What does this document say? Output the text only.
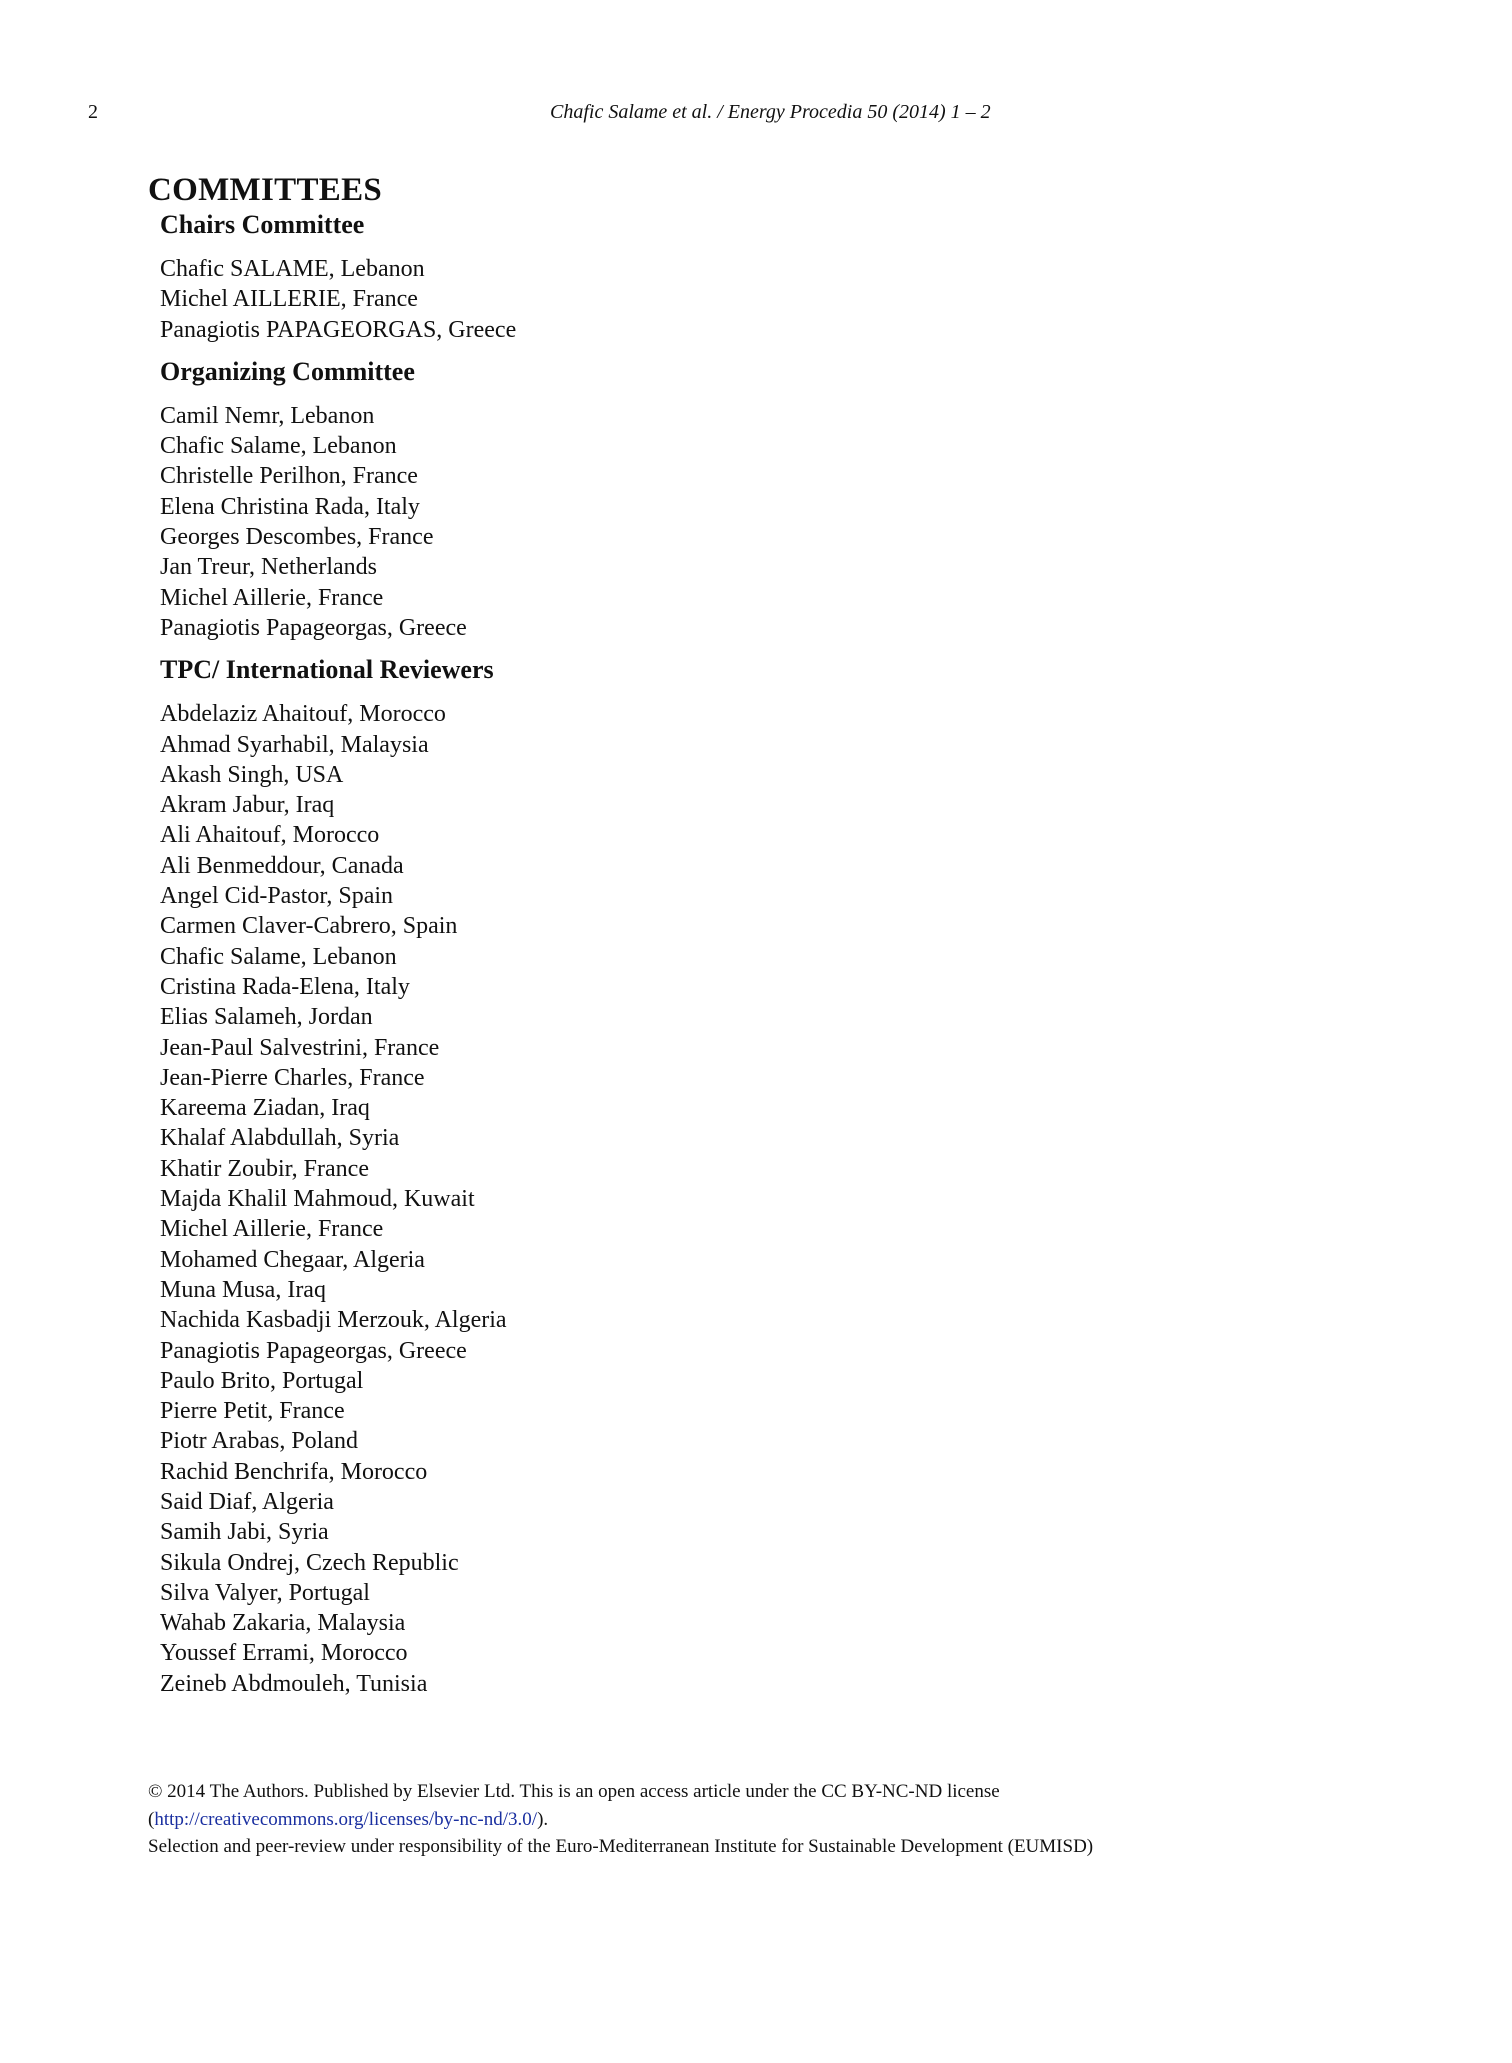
2	Chafic Salame et al. / Energy Procedia 50 (2014) 1 – 2
COMMITTEES
Chairs Committee
Chafic SALAME, Lebanon
Michel AILLERIE, France
Panagiotis PAPAGEORGAS, Greece
Organizing Committee
Camil Nemr, Lebanon
Chafic Salame, Lebanon
Christelle Perilhon, France
Elena Christina Rada, Italy
Georges Descombes, France
Jan Treur, Netherlands
Michel Aillerie, France
Panagiotis Papageorgas, Greece
TPC/ International Reviewers
Abdelaziz Ahaitouf, Morocco
Ahmad Syarhabil, Malaysia
Akash Singh, USA
Akram Jabur, Iraq
Ali Ahaitouf, Morocco
Ali Benmeddour, Canada
Angel Cid-Pastor, Spain
Carmen Claver-Cabrero, Spain
Chafic Salame, Lebanon
Cristina Rada-Elena, Italy
Elias Salameh, Jordan
Jean-Paul Salvestrini, France
Jean-Pierre Charles, France
Kareema Ziadan, Iraq
Khalaf Alabdullah, Syria
Khatir Zoubir, France
Majda Khalil Mahmoud, Kuwait
Michel Aillerie, France
Mohamed Chegaar, Algeria
Muna Musa, Iraq
Nachida Kasbadji Merzouk, Algeria
Panagiotis Papageorgas, Greece
Paulo Brito, Portugal
Pierre Petit, France
Piotr Arabas, Poland
Rachid Benchrifa, Morocco
Said Diaf, Algeria
Samih Jabi, Syria
Sikula Ondrej, Czech Republic
Silva Valyer, Portugal
Wahab Zakaria, Malaysia
Youssef Errami, Morocco
Zeineb Abdmouleh, Tunisia

© 2014 The Authors. Published by Elsevier Ltd. This is an open access article under the CC BY-NC-ND license

(http://creativecommons.org/licenses/by-nc-nd/3.0/).

Selection and peer-review under responsibility of the Euro-Mediterranean Institute for Sustainable Development (EUMISD)
